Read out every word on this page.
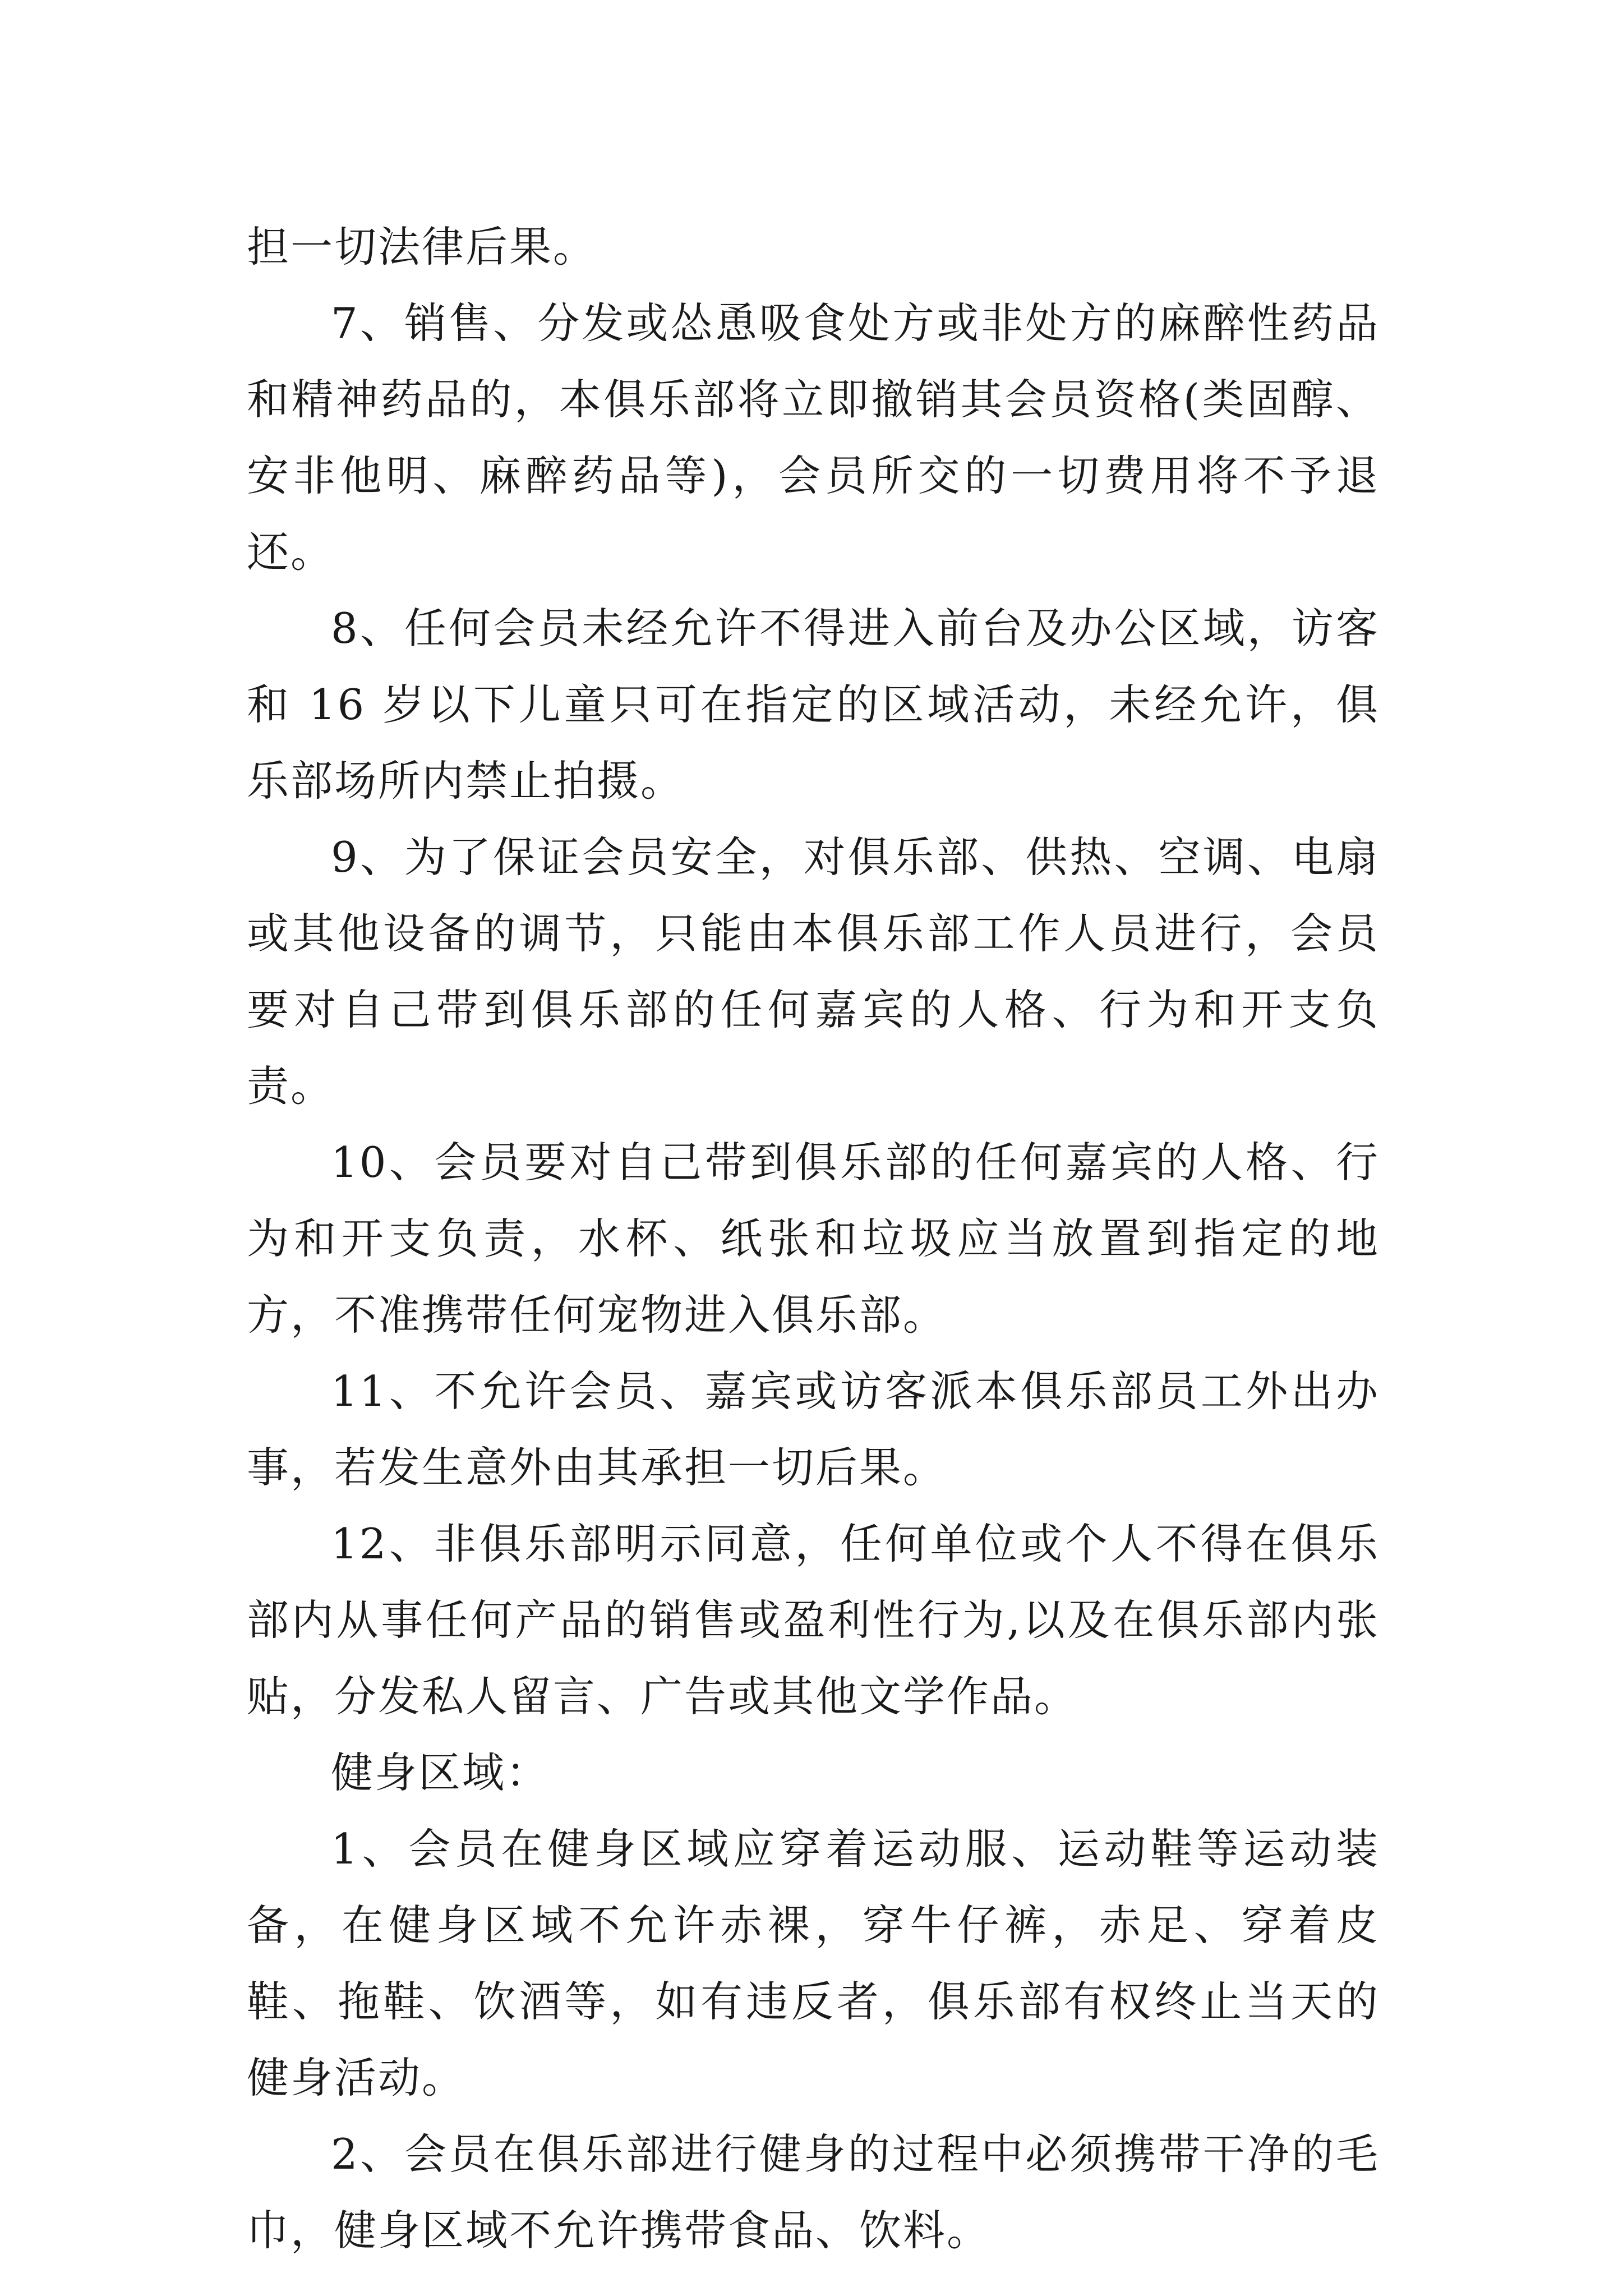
担一切法律后果。

7、销售、分发或怂恿吸食处方或非处方的麻醉性药品和精神药品的，本俱乐部将立即撤销其会员资格(类固醇、安非他明、麻醉药品等)，会员所交的一切费用将不予退还。

8、任何会员未经允许不得进入前台及办公区域，访客和 16 岁以下儿童只可在指定的区域活动，未经允许，俱乐部场所内禁止拍摄。

9、为了保证会员安全，对俱乐部、供热、空调、电扇或其他设备的调节，只能由本俱乐部工作人员进行，会员要对自己带到俱乐部的任何嘉宾的人格、行为和开支负责。

10、会员要对自己带到俱乐部的任何嘉宾的人格、行为和开支负责，水杯、纸张和垃圾应当放置到指定的地方，不准携带任何宠物进入俱乐部。

11、不允许会员、嘉宾或访客派本俱乐部员工外出办事，若发生意外由其承担一切后果。

12、非俱乐部明示同意，任何单位或个人不得在俱乐部内从事任何产品的销售或盈利性行为,以及在俱乐部内张贴，分发私人留言、广告或其他文学作品。

健身区域：

1、会员在健身区域应穿着运动服、运动鞋等运动装备，在健身区域不允许赤裸，穿牛仔裤，赤足、穿着皮鞋、拖鞋、饮酒等，如有违反者，俱乐部有权终止当天的健身活动。

2、会员在俱乐部进行健身的过程中必须携带干净的毛巾，健身区域不允许携带食品、饮料。
